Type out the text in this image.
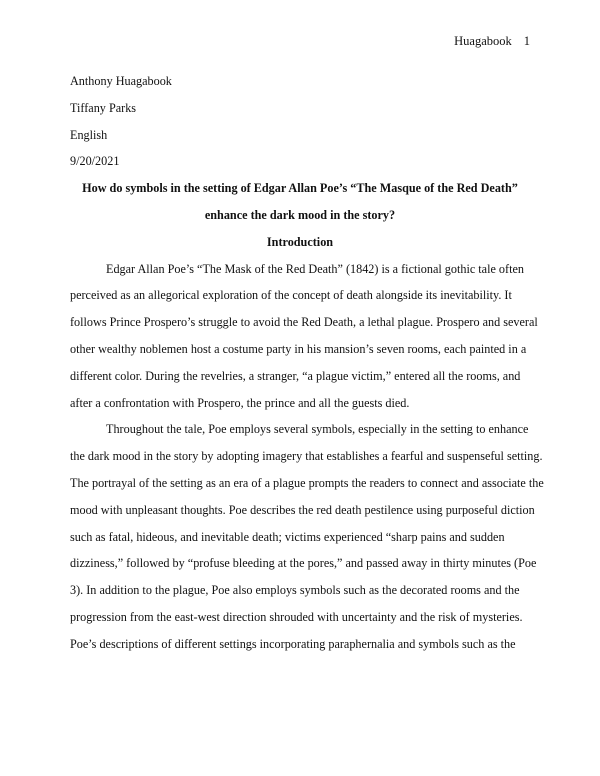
Huagabook 1

Anthony Huagabook

Tiffany Parks

English

9/20/2021

How do symbols in the setting of Edgar Allan Poe’s “The Masque of the Red Death”

enhance the dark mood in the story?

Introduction

Edgar Allan Poe’s “The Mask of the Red Death” (1842) is a fictional gothic tale often
perceived as an allegorical exploration of the concept of death alongside its inevitability. It
follows Prince Prospero’s struggle to avoid the Red Death, a lethal plague. Prospero and several
other wealthy noblemen host a costume party in his mansion’s seven rooms, each painted in a
different color. During the revelries, a stranger, “a plague victim,” entered all the rooms, and
after a confrontation with Prospero, the prince and all the guests died.
Throughout the tale, Poe employs several symbols, especially in the setting to enhance
the dark mood in the story by adopting imagery that establishes a fearful and suspenseful setting.
The portrayal of the setting as an era of a plague prompts the readers to connect and associate the
mood with unpleasant thoughts. Poe describes the red death pestilence using purposeful diction
such as fatal, hideous, and inevitable death; victims experienced “sharp pains and sudden
dizziness,” followed by “profuse bleeding at the pores,” and passed away in thirty minutes (Poe
3). In addition to the plague, Poe also employs symbols such as the decorated rooms and the
progression from the east-west direction shrouded with uncertainty and the risk of mysteries.
Poe’s descriptions of different settings incorporating paraphernalia and symbols such as the
